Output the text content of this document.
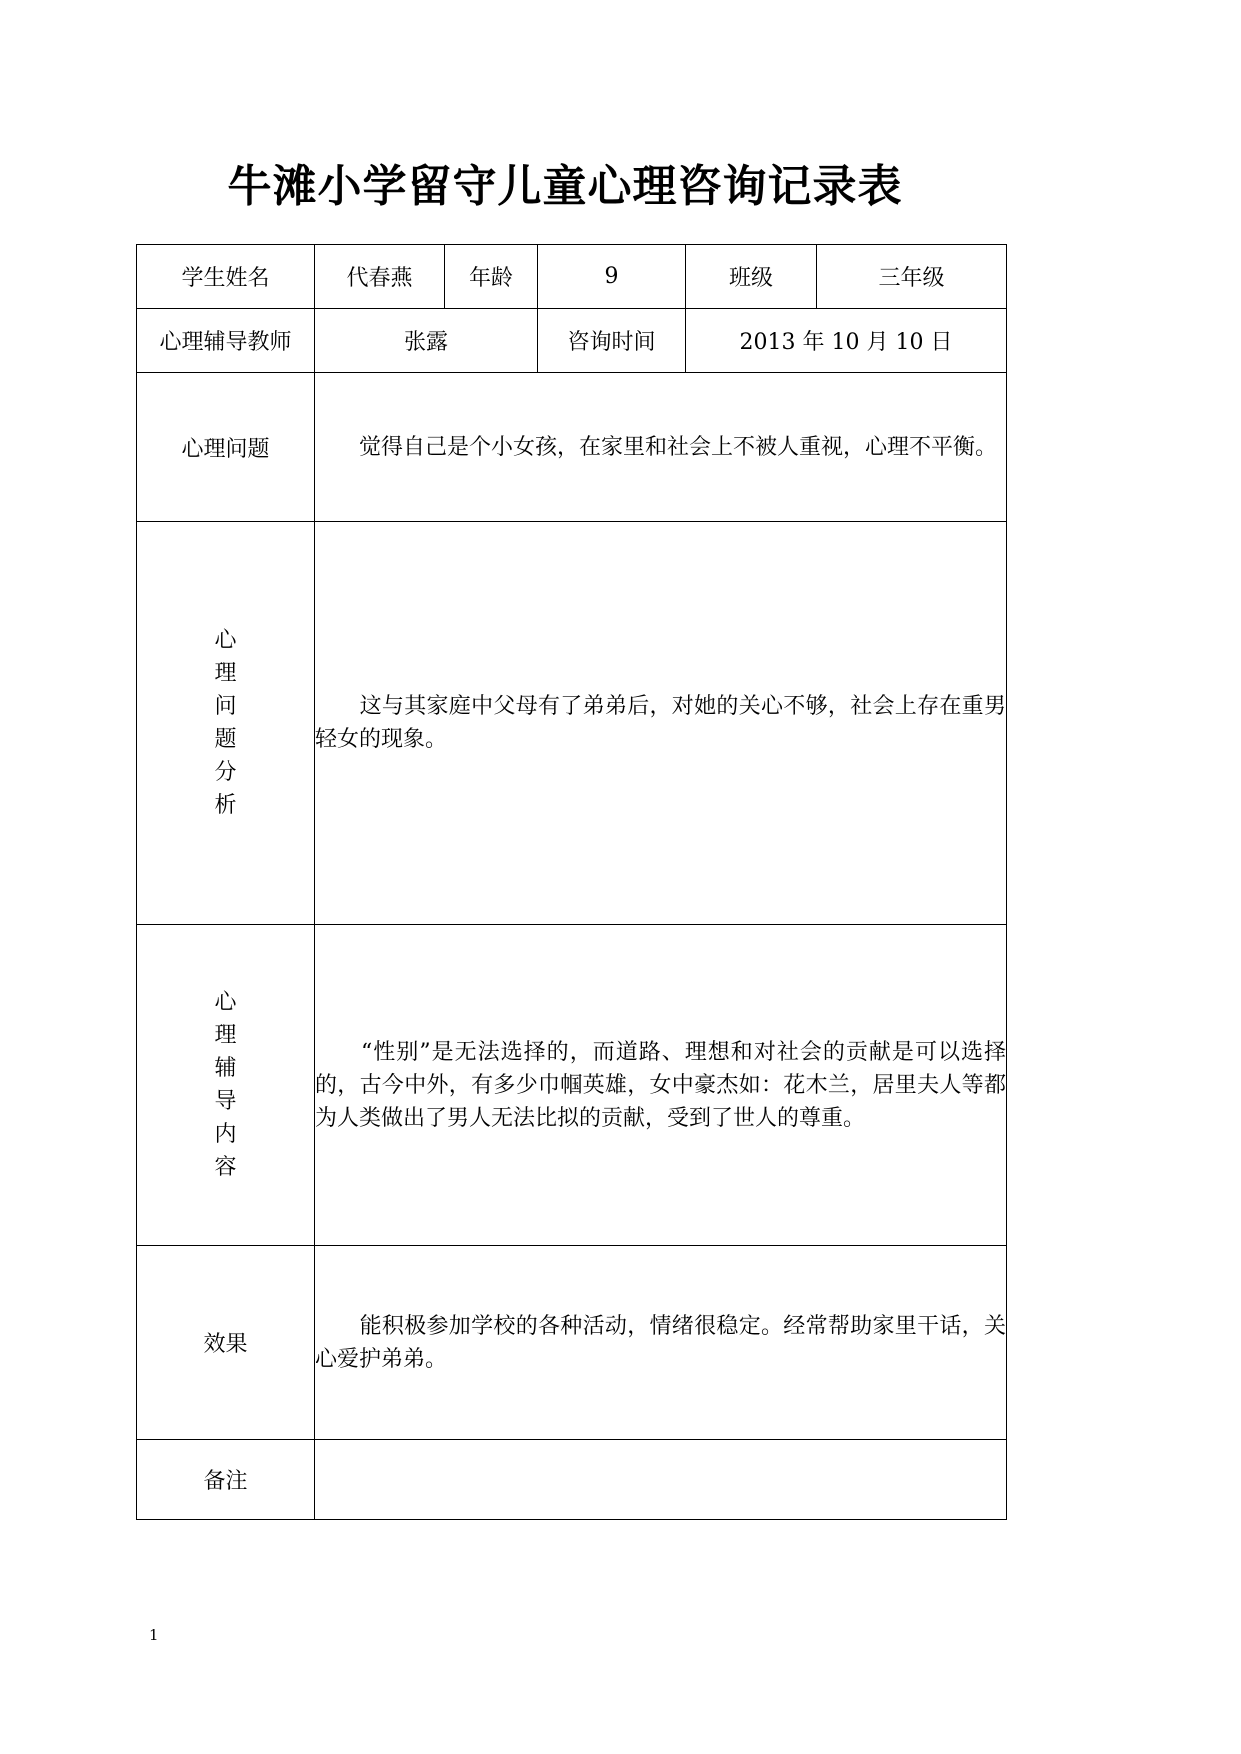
牛滩小学留守儿童心理咨询记录表
学生姓名	代春燕	年龄	9	班级	三年级
心理辅导教师	张露		咨询时间	2013 年 10 月 10 日	
心理问题	　　觉得自己是个小女孩，在家里和社会上不被人重视，心理不平衡。				
心理问题分析	　　这与其家庭中父母有了弟弟后，对她的关心不够，社会上存在重男轻女的现象。				
心理辅导内容	　　“性别”是无法选择的，而道路、理想和对社会的贡献是可以选择的，古今中外，有多少巾帼英雄，女中豪杰如：花木兰，居里夫人等都为人类做出了男人无法比拟的贡献，受到了世人的尊重。				
效果	　　能积极参加学校的各种活动，情绪很稳定。经常帮助家里干话，关心爱护弟弟。				
备注					
1
